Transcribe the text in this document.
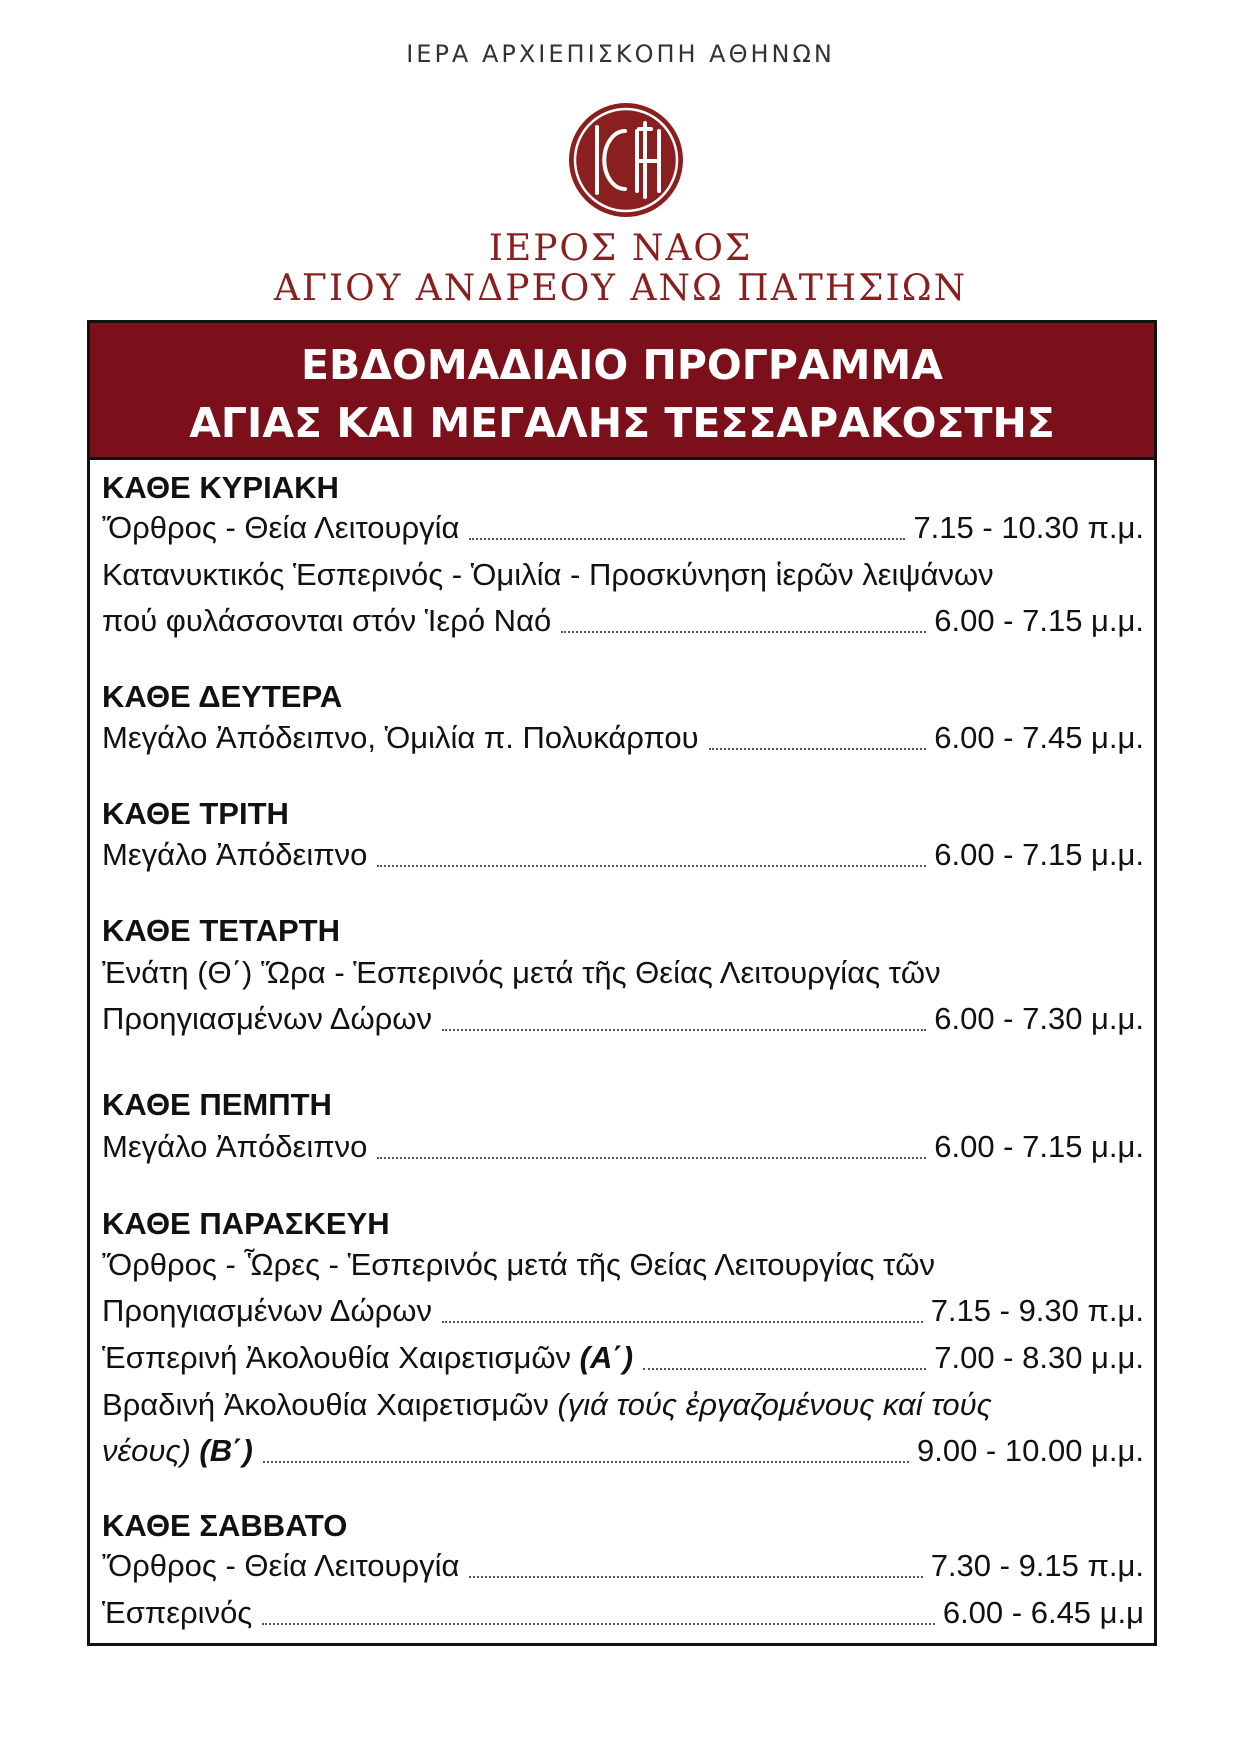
ΙΕΡΑ ΑΡΧΙΕΠΙΣΚΟΠΗ ΑΘΗΝΩΝ
ΙΕΡΟΣ ΝΑΟΣ
ΑΓΙΟΥ ΑΝΔΡΕΟΥ ΑΝΩ ΠΑΤΗΣΙΩΝ
ΕΒΔΟΜΑΔΙΑΙΟ ΠΡΟΓΡΑΜΜΑ
ΑΓΙΑΣ ΚΑΙ ΜΕΓΑΛΗΣ ΤΕΣΣΑΡΑΚΟΣΤΗΣ
ΚΑΘΕ ΚΥΡΙΑΚΗ
Ὄρθρος - Θεία Λειτουργία	7.15 - 10.30 π.μ.
Κατανυκτικός Ἑσπερινός - Ὁμιλία - Προσκύνηση ἱερῶν λειψάνων
πού φυλάσσονται στόν Ἱερό Ναό	6.00 - 7.15 μ.μ.
ΚΑΘΕ ΔΕΥΤΕΡΑ
Μεγάλο Ἀπόδειπνο, Ὁμιλία π. Πολυκάρπου	6.00 - 7.45 μ.μ.
ΚΑΘΕ ΤΡΙΤΗ
Μεγάλο Ἀπόδειπνο	6.00 - 7.15 μ.μ.
ΚΑΘΕ ΤΕΤΑΡΤΗ
Ἐνάτη (Θ΄) Ὥρα - Ἑσπερινός μετά τῆς Θείας Λειτουργίας τῶν
Προηγιασμένων Δώρων	6.00 - 7.30 μ.μ.
ΚΑΘΕ ΠΕΜΠΤΗ
Μεγάλο Ἀπόδειπνο	6.00 - 7.15 μ.μ.
ΚΑΘΕ ΠΑΡΑΣΚΕΥΗ
Ὄρθρος - Ὧρες - Ἑσπερινός μετά τῆς Θείας Λειτουργίας τῶν
Προηγιασμένων Δώρων	7.15 - 9.30 π.μ.
Ἑσπερινή Ἀκολουθία Χαιρετισμῶν (Α΄)	7.00 - 8.30 μ.μ.
Βραδινή Ἀκολουθία Χαιρετισμῶν (γιά τούς ἐργαζομένους καί τούς
νέους) (Β΄)	9.00 - 10.00 μ.μ.
ΚΑΘΕ ΣΑΒΒΑΤΟ
Ὄρθρος - Θεία Λειτουργία	7.30 - 9.15 π.μ.
Ἑσπερινός	6.00 - 6.45 μ.μ
